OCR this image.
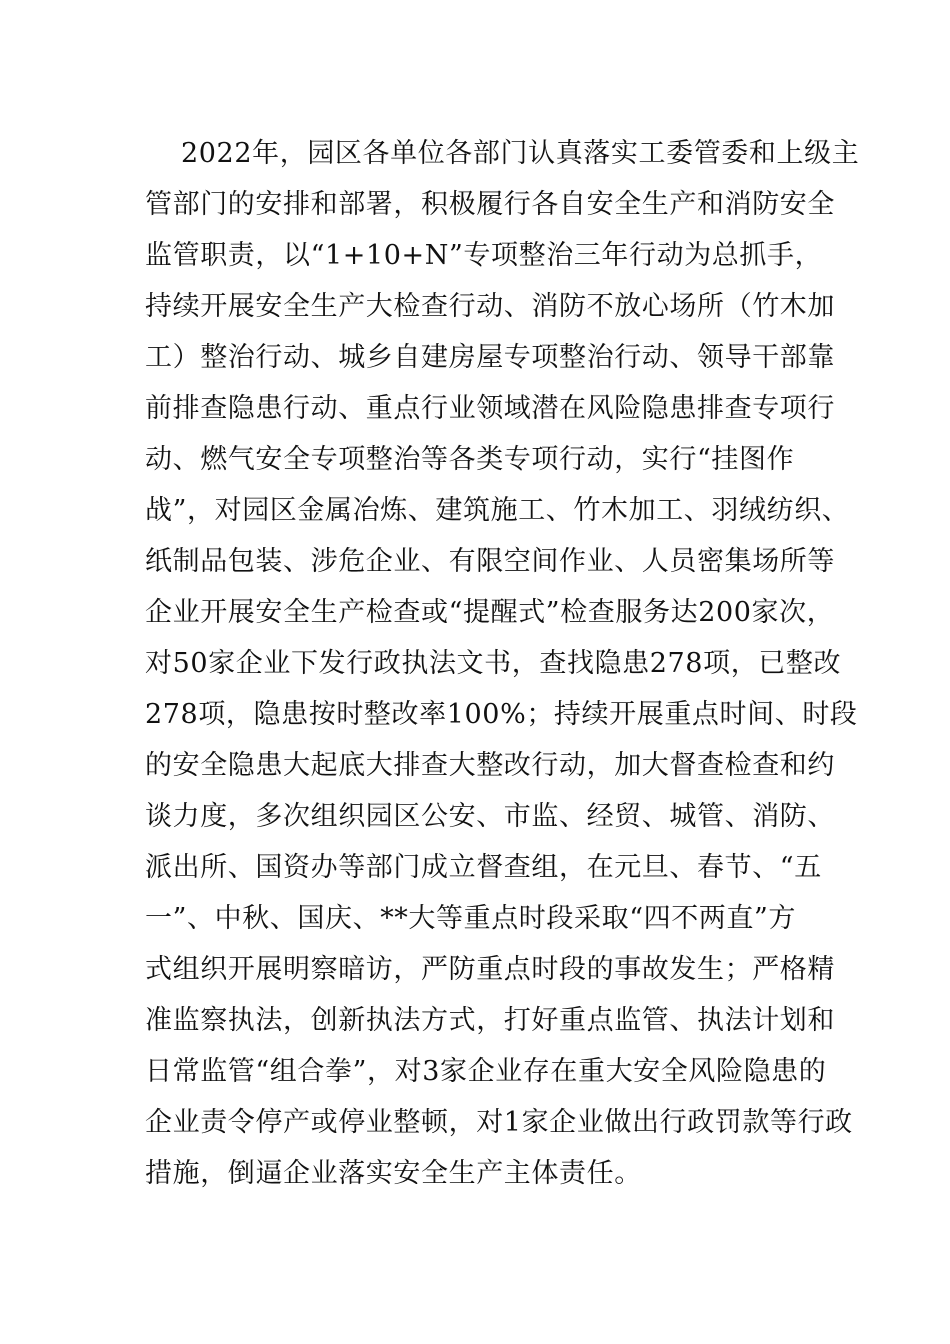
2022年，园区各单位各部门认真落实工委管委和上级主
管部门的安排和部署，积极履行各自安全生产和消防安全
监管职责，以“1+10+N”专项整治三年行动为总抓手，
持续开展安全生产大检查行动、消防不放心场所（竹木加
工）整治行动、城乡自建房屋专项整治行动、领导干部靠
前排查隐患行动、重点行业领域潜在风险隐患排查专项行
动、燃气安全专项整治等各类专项行动，实行“挂图作
战”，对园区金属冶炼、建筑施工、竹木加工、羽绒纺织、
纸制品包装、涉危企业、有限空间作业、人员密集场所等
企业开展安全生产检查或“提醒式”检查服务达200家次，
对50家企业下发行政执法文书，查找隐患278项，已整改
278项，隐患按时整改率100%；持续开展重点时间、时段
的安全隐患大起底大排查大整改行动，加大督查检查和约
谈力度，多次组织园区公安、市监、经贸、城管、消防、
派出所、国资办等部门成立督查组，在元旦、春节、“五
一”、中秋、国庆、**大等重点时段采取“四不两直”方
式组织开展明察暗访，严防重点时段的事故发生；严格精
准监察执法，创新执法方式，打好重点监管、执法计划和
日常监管“组合拳”，对3家企业存在重大安全风险隐患的
企业责令停产或停业整顿，对1家企业做出行政罚款等行政
措施，倒逼企业落实安全生产主体责任。
